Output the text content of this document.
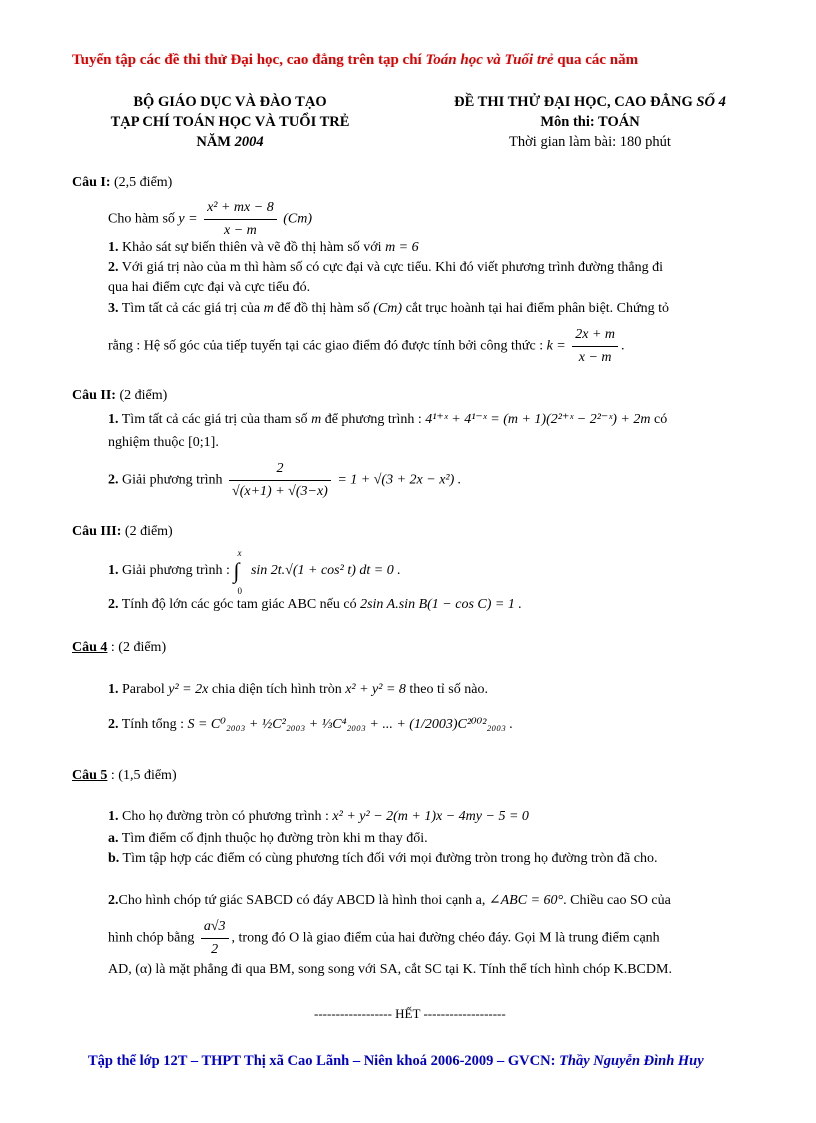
Tuyển tập các đề thi thử Đại học, cao đẳng trên tạp chí Toán học và Tuổi trẻ qua các năm
BỘ GIÁO DỤC VÀ ĐÀO TẠO
TẠP CHÍ TOÁN HỌC VÀ TUỔI TRẺ
NĂM 2004
ĐỀ THI THỬ ĐẠI HỌC, CAO ĐẲNG SỐ 4
Môn thi: TOÁN
Thời gian làm bài: 180 phút
Câu I: (2,5 điểm)
Cho hàm số $y = \frac{\text{x² + mx − 8}}{x - m} (Cm)$
1. Khảo sát sự biến thiên và vẽ đồ thị hàm số với m = 6
2. Với giá trị nào của m thì hàm số có cực đại và cực tiểu. Khi đó viết phương trình đường thẳng đi
qua hai điểm cực đại và cực tiểu đó.
3. Tìm tất cả các giá trị của m để đồ thị hàm số (Cm) cắt trục hoành tại hai điểm phân biệt. Chứng tỏ
rằng : Hệ số góc của tiếp tuyến tại các giao điểm đó được tính bởi công thức : $k = \frac{2x + m}{x - m}$ .
Câu II: (2 điểm)
1. Tìm tất cả các giá trị của tham số m để phương trình : 4¹⁺ˣ + 4¹⁻ˣ = (m + 1)(2²⁺ˣ − 2²⁻ˣ) + 2m có
nghiệm thuộc [0;1].
2. Giải phương trình $\frac{2}{√(x+1) + √(3-x)} = 1 + √(3 + 2x - x^2)$ .
Câu III: (2 điểm)
1. Giải phương trình : ∫
x
0
sin 2t.√(1 + cos² t) dt = 0 .
2. Tính độ lớn các góc tam giác ABC nếu có 2sin A.sin B(1 − cos C) = 1 .
Câu 4 : (2 điểm)
1. Parabol y² = 2x chia diện tích hình tròn x² + y² = 8 theo tỉ số nào.
2. Tính tổng : S = C⁰₂₀₀₃ + ½C²₂₀₀₃ + ⅓C⁴₂₀₀₃ + ... + (1/2003)C²⁰⁰²₂₀₀₃ .
Câu 5 : (1,5 điểm)
1. Cho họ đường tròn có phương trình : x² + y² − 2(m + 1)x − 4my − 5 = 0
a. Tìm điểm cố định thuộc họ đường tròn khi m thay đổi.
b. Tìm tập hợp các điểm có cùng phương tích đối với mọi đường tròn trong họ đường tròn đã cho.
2.Cho hình chóp tứ giác SABCD có đáy ABCD là hình thoi cạnh a, ∠ABC = 60°. Chiều cao SO của
hình chóp bằng $\frac{a√3}{2}$ , trong đó O là giao điểm của hai đường chéo đáy. Gọi M là trung điểm cạnh
AD, (α) là mặt phẳng đi qua BM, song song với SA, cắt SC tại K. Tính thể tích hình chóp K.BCDM.
------------------ HẾT -------------------
Tập thể lớp 12T – THPT Thị xã Cao Lãnh – Niên khoá 2006-2009 – GVCN: Thầy Nguyễn Đình Huy
